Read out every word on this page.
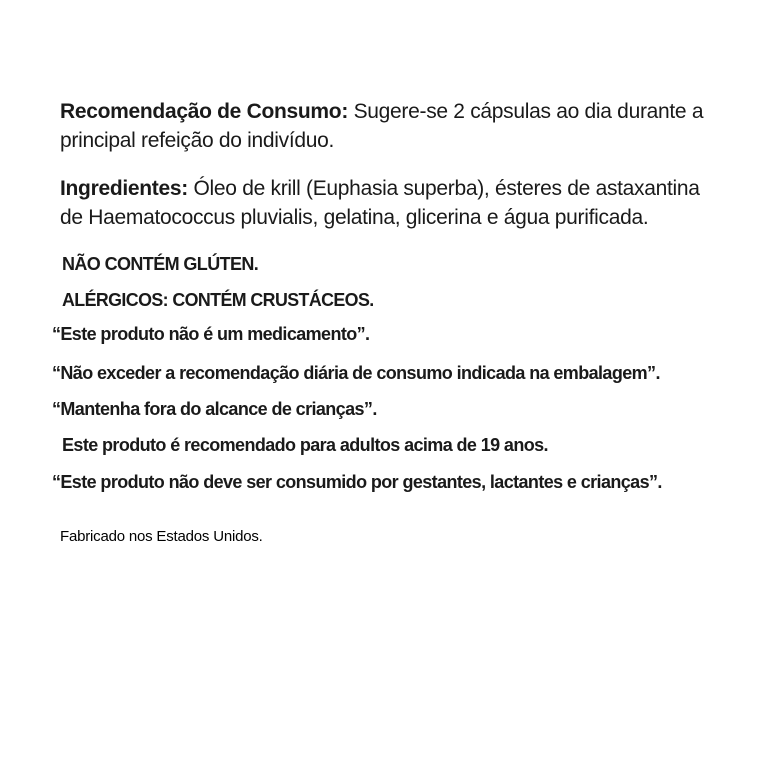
Recomendação de Consumo: Sugere-se 2 cápsulas ao dia durante a principal refeição do indivíduo.

Ingredientes: Óleo de krill (Euphasia superba), ésteres de astaxantina de Haematococcus pluvialis, gelatina, glicerina e água purificada.

NÃO CONTÉM GLÚTEN.
ALÉRGICOS: CONTÉM CRUSTÁCEOS.
“Este produto não é um medicamento”.
“Não exceder a recomendação diária de consumo indicada na embalagem”.
“Mantenha fora do alcance de crianças”.
Este produto é recomendado para adultos acima de 19 anos.
“Este produto não deve ser consumido por gestantes, lactantes e crianças”.
Fabricado nos Estados Unidos.
